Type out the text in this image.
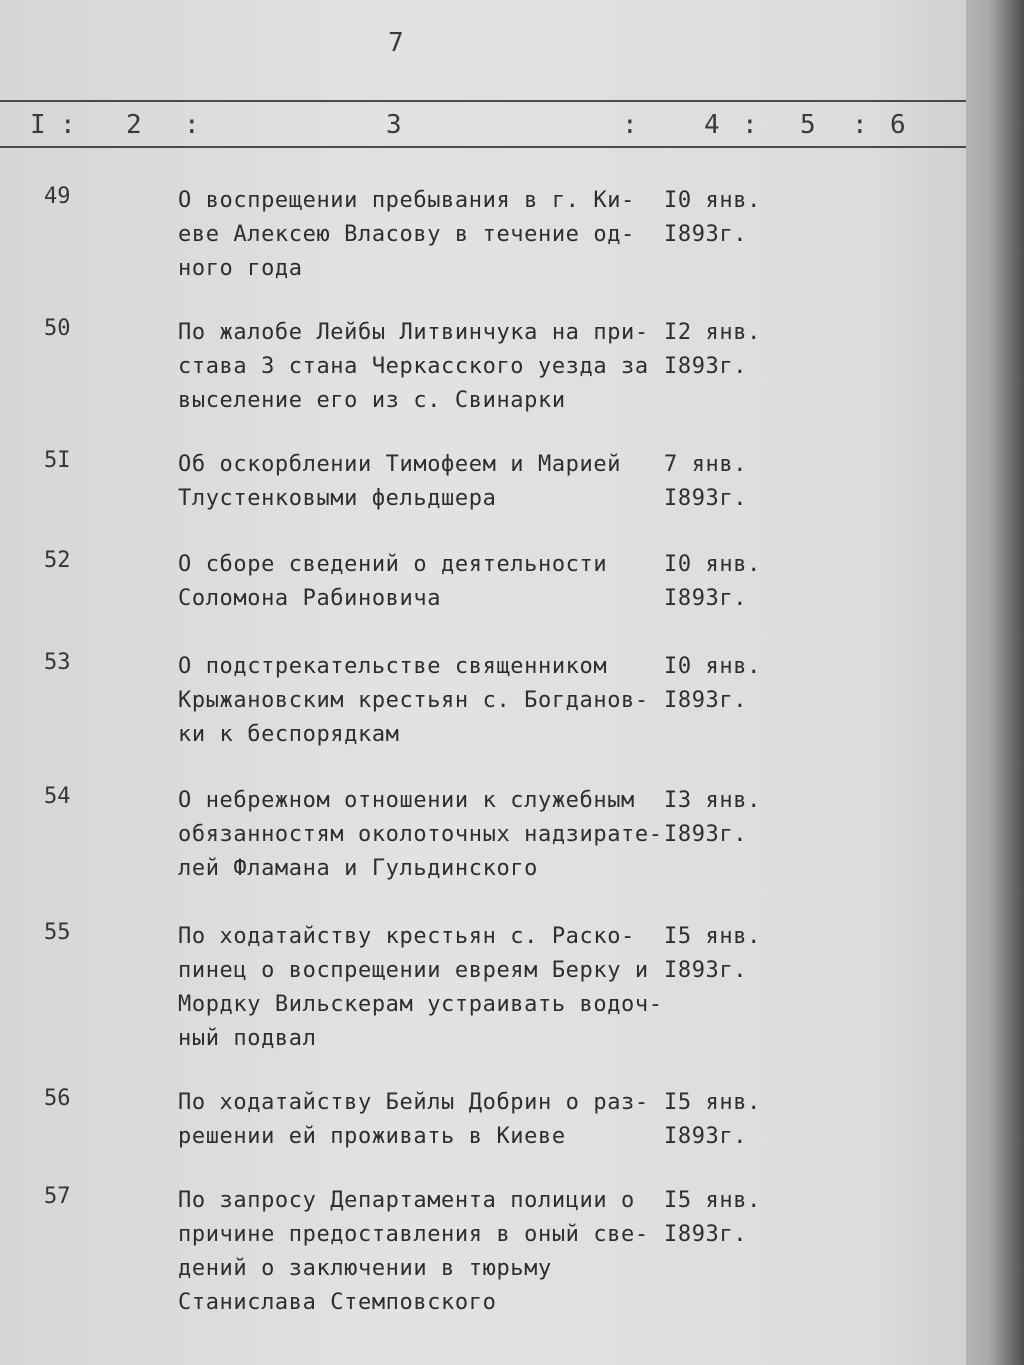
7
I : 2 :	3	:	4 : 5 : 6
49	О воспрещении пребывания в г. Ки-
еве Алексею Власову в течение од-
ного года
I0 янв.
I893г.
50	По жалобе Лейбы Литвинчука на при-
става 3 стана Черкасского уезда за
выселение его из с. Свинарки
I2 янв.
I893г.
5I	Об оскорблении Тимофеем и Марией
Тлустенковыми фельдшера
7 янв.
I893г.
52	О сборе сведений о деятельности
Соломона Рабиновича
I0 янв.
I893г.
53	О подстрекательстве священником
Крыжановским крестьян с. Богданов-
ки к беспорядкам
I0 янв.
I893г.
54	О небрежном отношении к служебным
обязанностям околоточных надзирате-
лей Фламана и Гульдинского
I3 янв.
I893г.
55	По ходатайству крестьян с. Раско-
пинец о воспрещении евреям Берку и
Мордку Вильскерам устраивать водоч-
ный подвал
I5 янв.
I893г.
56	По ходатайству Бейлы Добрин о раз-
решении ей проживать в Киеве
I5 янв.
I893г.
57	По запросу Департамента полиции о
причине предоставления в оный све-
дений о заключении в тюрьму
Станислава Стемповского
I5 янв.
I893г.
